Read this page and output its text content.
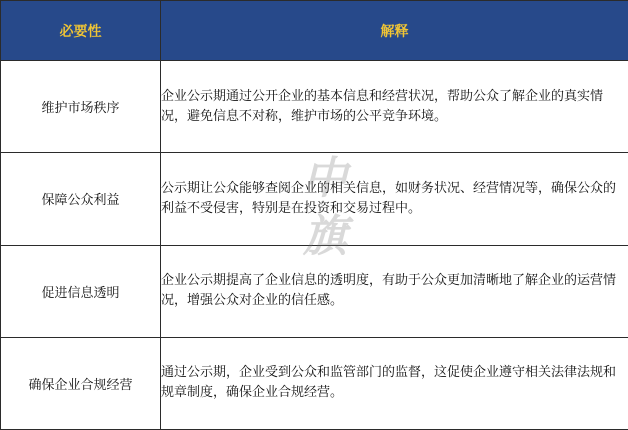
必要性	解释
维护市场秩序	企业公示期通过公开企业的基本信息和经营状况，帮助公众了解企业的真实情况，避免信息不对称，维护市场的公平竞争环境。
保障公众利益	公示期让公众能够查阅企业的相关信息，如财务状况、经营情况等，确保公众的利益不受侵害，特别是在投资和交易过程中。
促进信息透明	企业公示期提高了企业信息的透明度，有助于公众更加清晰地了解企业的运营情况，增强公众对企业的信任感。
确保企业合规经营	通过公示期，企业受到公众和监管部门的监督，这促使企业遵守相关法律法规和规章制度，确保企业合规经营。
中
旗
